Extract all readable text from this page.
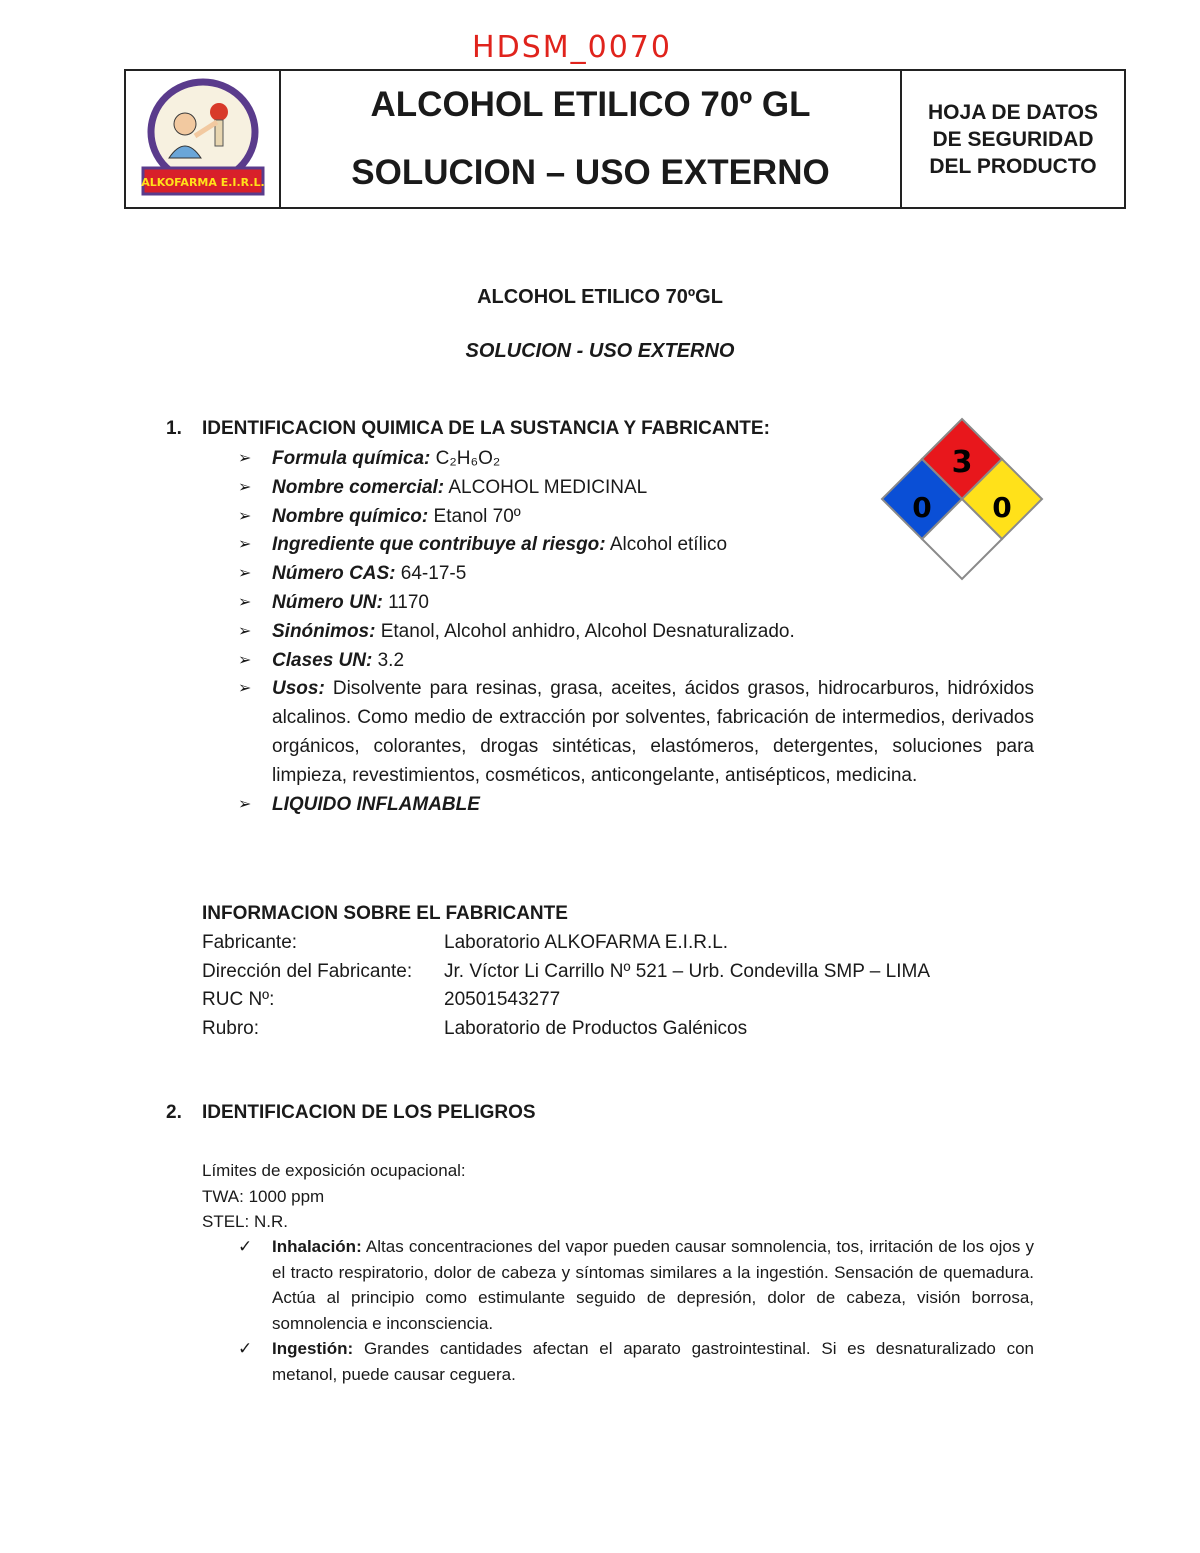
HDSM_0070
ALKOFARMA E.I.R.L.
ALCOHOL ETILICO 70º GL
SOLUCION – USO EXTERNO
HOJA DE DATOS
DE SEGURIDAD
DEL PRODUCTO
ALCOHOL ETILICO 70ºGL
SOLUCION - USO EXTERNO
1. IDENTIFICACION QUIMICA DE LA SUSTANCIA Y FABRICANTE:
➢	Formula química: C₂H₆O₂
➢	Nombre comercial: ALCOHOL MEDICINAL
➢	Nombre químico: Etanol 70º
➢	Ingrediente que contribuye al riesgo: Alcohol etílico
➢	Número CAS: 64-17-5
➢	Número UN: 1170
➢	Sinónimos: Etanol, Alcohol anhidro, Alcohol Desnaturalizado.
➢	Clases UN: 3.2
➢	Usos: Disolvente para resinas, grasa, aceites, ácidos grasos, hidrocarburos, hidróxidos alcalinos. Como medio de extracción por solventes, fabricación de intermedios, derivados orgánicos, colorantes, drogas sintéticas, elastómeros, detergentes, soluciones para limpieza, revestimientos, cosméticos, anticongelante, antisépticos, medicina.
➢	LIQUIDO INFLAMABLE
3
0 0
INFORMACION SOBRE EL FABRICANTE
Fabricante:	Laboratorio ALKOFARMA E.I.R.L.
Dirección del Fabricante:	Jr. Víctor Li Carrillo Nº 521 – Urb. Condevilla SMP – LIMA
RUC Nº:	20501543277
Rubro:	Laboratorio de Productos Galénicos
2. IDENTIFICACION DE LOS PELIGROS
Límites de exposición ocupacional:
TWA: 1000 ppm
STEL: N.R.
✓	Inhalación: Altas concentraciones del vapor pueden causar somnolencia, tos, irritación de los ojos y el tracto respiratorio, dolor de cabeza y síntomas similares a la ingestión. Sensación de quemadura. Actúa al principio como estimulante seguido de depresión, dolor de cabeza, visión borrosa, somnolencia e inconsciencia.
✓	Ingestión: Grandes cantidades afectan el aparato gastrointestinal. Si es desnaturalizado con metanol, puede causar ceguera.
